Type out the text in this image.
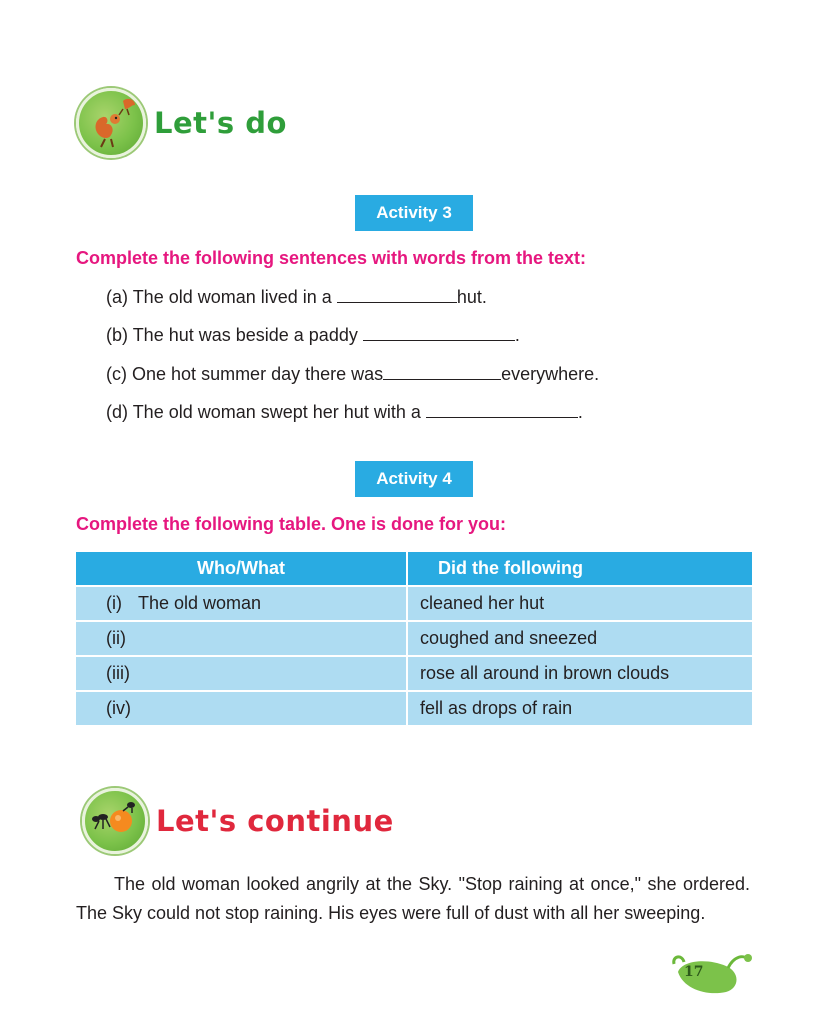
Let's do
Activity 3
Complete the following sentences with words from the text:
(a) The old woman lived in a	hut.
(b) The hut was beside a paddy	.
(c) One hot summer day there was	everywhere.
(d) The old woman swept her hut with a	.
Activity 4
Complete the following table. One is done for you:
Who/What	Did the following
(i) The old woman	cleaned her hut
(ii)	coughed and sneezed
(iii)	rose all around in brown clouds
(iv)	fell as drops of rain
Let's continue
The old woman looked angrily at the Sky. "Stop raining at once," she ordered. The Sky could not stop raining. His eyes were full of dust with all her sweeping.
17
